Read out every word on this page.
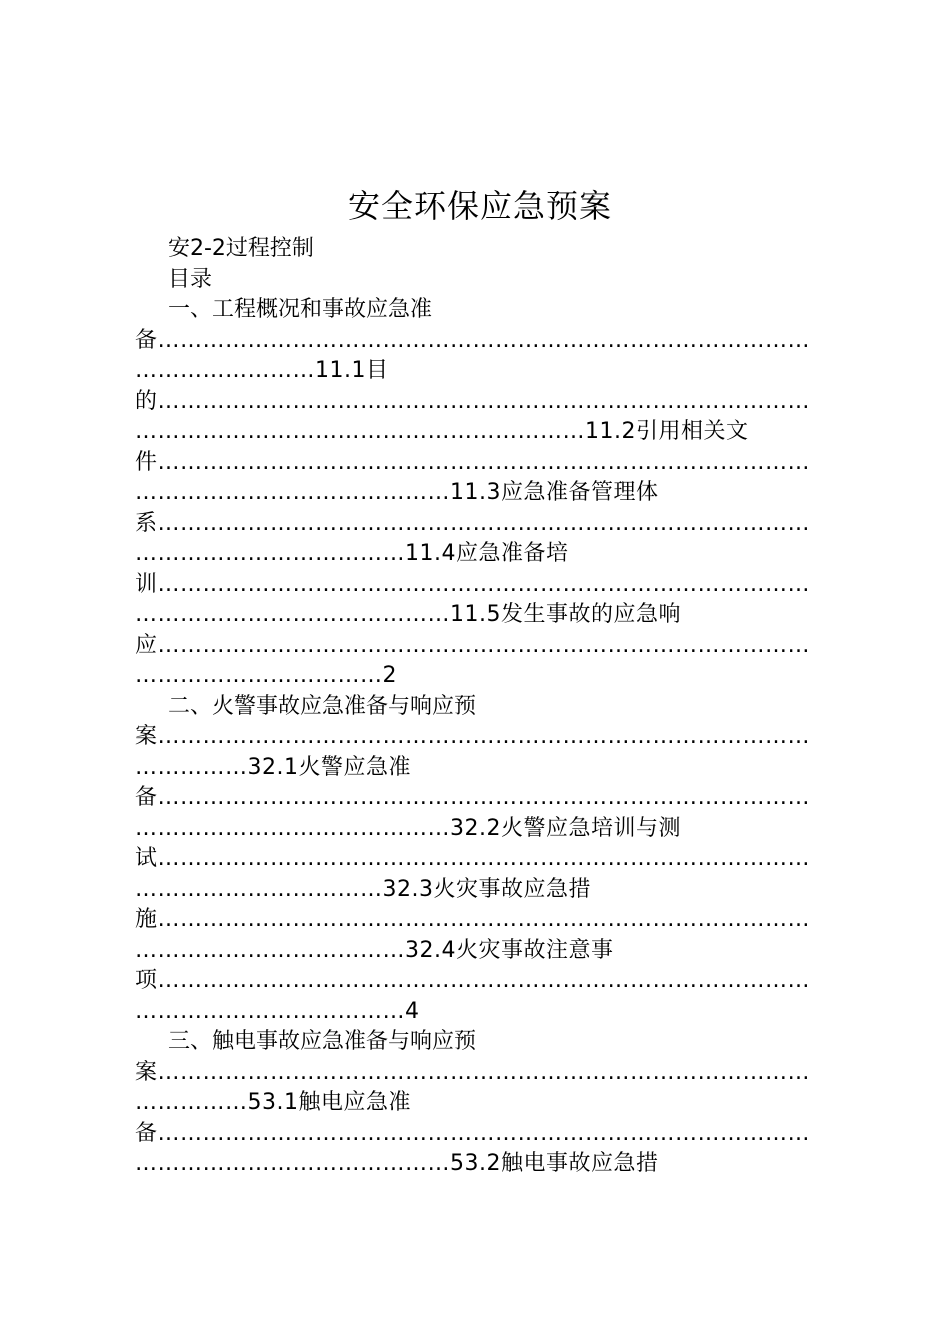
安全环保应急预案
安2-2过程控制
目录
一、工程概况和事故应急准
备……………………………………………………………………………
……………………11.1目
的……………………………………………………………………………
……………………………………………………11.2引用相关文
件……………………………………………………………………………
……………………………………11.3应急准备管理体
系……………………………………………………………………………
………………………………11.4应急准备培
训……………………………………………………………………………
……………………………………11.5发生事故的应急响
应……………………………………………………………………………
……………………………2
二、火警事故应急准备与响应预
案……………………………………………………………………………
……………32.1火警应急准
备……………………………………………………………………………
……………………………………32.2火警应急培训与测
试……………………………………………………………………………
……………………………32.3火灾事故应急措
施……………………………………………………………………………
………………………………32.4火灾事故注意事
项……………………………………………………………………………
………………………………4
三、触电事故应急准备与响应预
案……………………………………………………………………………
……………53.1触电应急准
备……………………………………………………………………………
……………………………………53.2触电事故应急措
